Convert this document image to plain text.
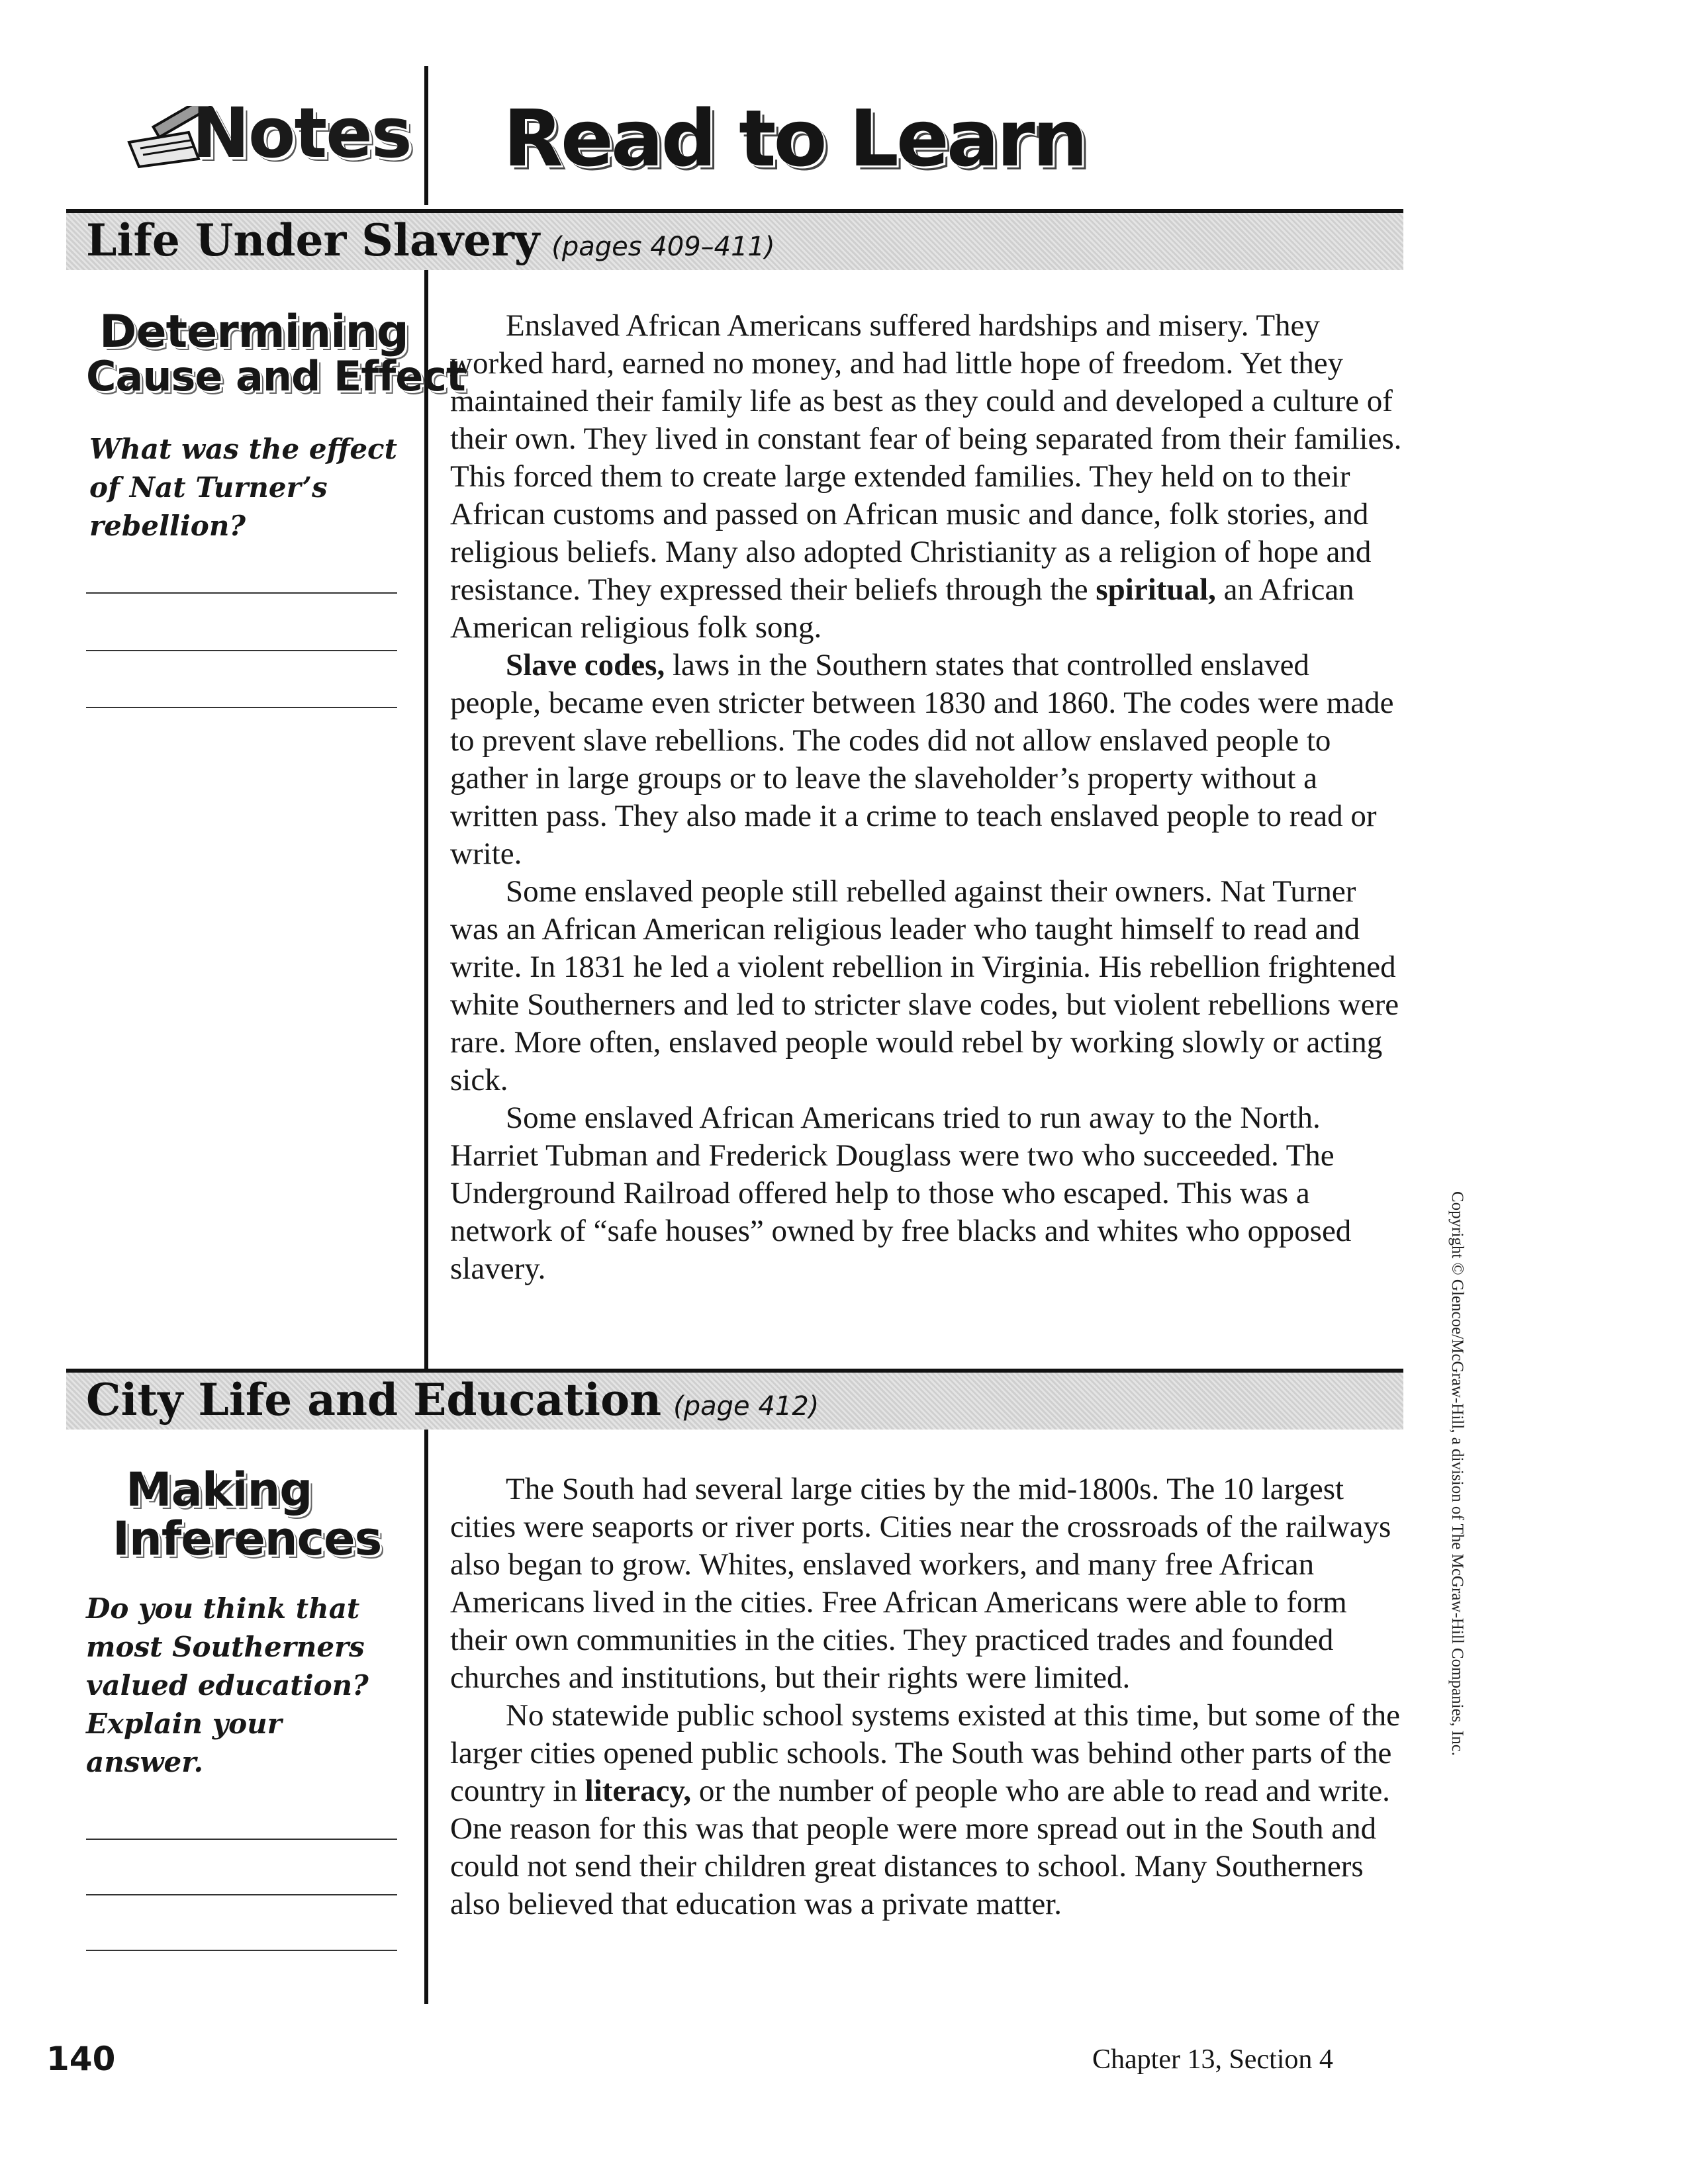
Notes Read to Learn
Life Under Slavery (pages 409–411)
Determining
Cause and Effect
What was the effect of Nat Turner’s rebellion?

Enslaved African Americans suffered hardships and misery. They worked hard, earned no money, and had little hope of freedom. Yet they maintained their family life as best as they could and developed a culture of their own. They lived in constant fear of being separated from their families. This forced them to create large extended families. They held on to their African customs and passed on African music and dance, folk stories, and religious beliefs. Many also adopted Christianity as a religion of hope and resistance. They expressed their beliefs through the spiritual, an African American religious folk song.

Slave codes, laws in the Southern states that controlled enslaved people, became even stricter between 1830 and 1860. The codes were made to prevent slave rebellions. The codes did not allow enslaved people to gather in large groups or to leave the slaveholder’s property without a written pass. They also made it a crime to teach enslaved people to read or write.

Some enslaved people still rebelled against their owners. Nat Turner was an African American religious leader who taught himself to read and write. In 1831 he led a violent rebellion in Virginia. His rebellion frightened white Southerners and led to stricter slave codes, but violent rebellions were rare. More often, enslaved people would rebel by working slowly or acting sick.

Some enslaved African Americans tried to run away to the North. Harriet Tubman and Frederick Douglass were two who succeeded. The Underground Railroad offered help to those who escaped. This was a network of “safe houses” owned by free blacks and whites who opposed slavery.

City Life and Education (page 412)
Making
Inferences
Do you think that most Southerners valued education? Explain your answer.

The South had several large cities by the mid-1800s. The 10 largest cities were seaports or river ports. Cities near the crossroads of the railways also began to grow. Whites, enslaved workers, and many free African Americans lived in the cities. Free African Americans were able to form their own communities in the cities. They practiced trades and founded churches and institutions, but their rights were limited.

No statewide public school systems existed at this time, but some of the larger cities opened public schools. The South was behind other parts of the country in literacy, or the number of people who are able to read and write. One reason for this was that people were more spread out in the South and could not send their children great distances to school. Many Southerners also believed that education was a private matter.

140	Chapter 13, Section 4
Copyright © Glencoe/McGraw-Hill, a division of The McGraw-Hill Companies, Inc.
